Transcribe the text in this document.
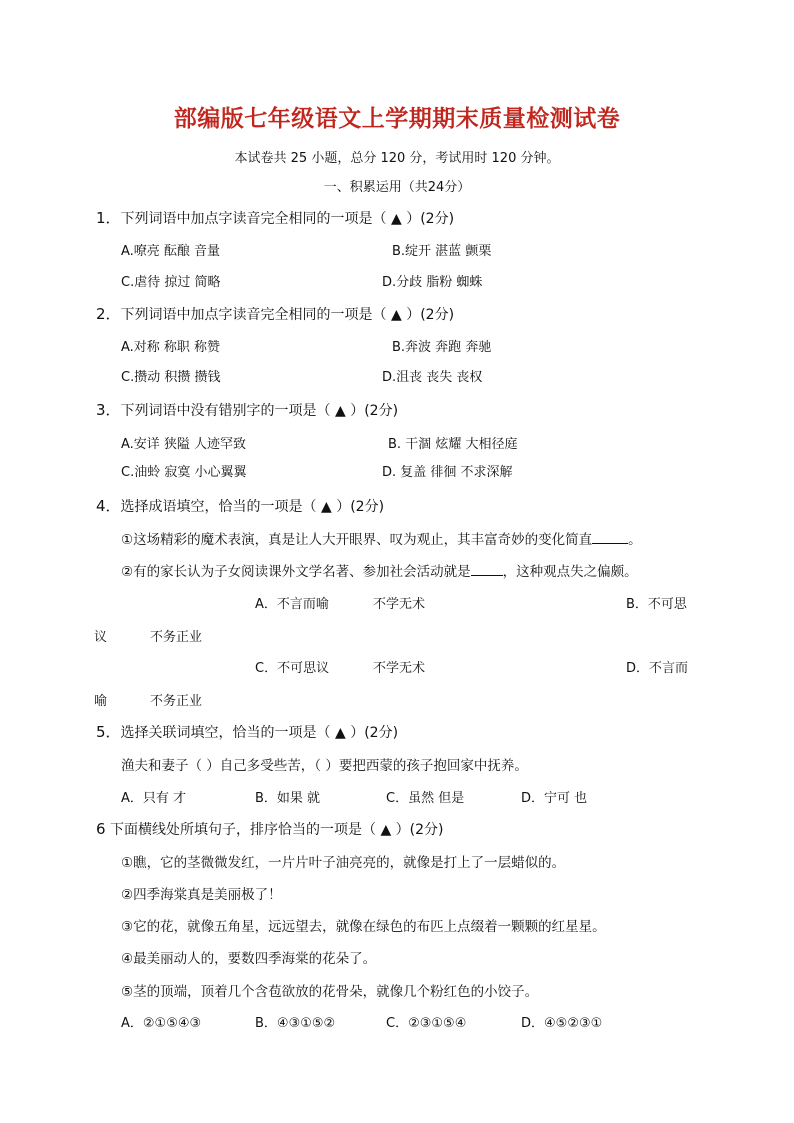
部编版七年级语文上学期期末质量检测试卷
本试卷共 25 小题，总分 120 分，考试用时 120 分钟。
一、积累运用（共24分）
1．下列词语中加点字读音完全相同的一项是（ ▲ ）(2分)
A.嘹亮 酝酿 音量	B.绽开 湛蓝 颤栗
C.虐待 掠过 简略	D.分歧 脂粉 蜘蛛
2．下列词语中加点字读音完全相同的一项是（ ▲ ）(2分)
A.对称 称职 称赞	B.奔波 奔跑 奔驰
C.攒动 积攒 攒钱	D.沮丧 丧失 丧权
3．下列词语中没有错别字的一项是（ ▲ ）(2分)
A.安详 狭隘 人迹罕致	B. 干涸 炫耀 大相径庭
C.油蛉 寂寞 小心翼翼	D. 复盖 徘徊 不求深解
4．选择成语填空，恰当的一项是（ ▲ ）(2分)
①这场精彩的魔术表演，真是让人大开眼界、叹为观止，其丰富奇妙的变化简直	。
②有的家长认为子女阅读课外文学名著、参加社会活动就是 ，这种观点失之偏颇。
A．不言而喻	不学无术	B．不可思
议	不务正业
C．不可思议	不学无术	D．不言而
喻	不务正业
5．选择关联词填空，恰当的一项是（ ▲ ）(2分)
渔夫和妻子（ ）自己多受些苦，（ ）要把西蒙的孩子抱回家中抚养。
A．只有 才	B．如果 就	C．虽然 但是	D．宁可 也
6 下面横线处所填句子，排序恰当的一项是（ ▲ ）(2分)
①瞧，它的茎微微发红，一片片叶子油亮亮的，就像是打上了一层蜡似的。
②四季海棠真是美丽极了！
③它的花，就像五角星，远远望去，就像在绿色的布匹上点缀着一颗颗的红星星。
④最美丽动人的，要数四季海棠的花朵了。
⑤茎的顶端，顶着几个含苞欲放的花骨朵，就像几个粉红色的小饺子。
A．②①⑤④③	B．④③①⑤②	C．②③①⑤④	D．④⑤②③①
